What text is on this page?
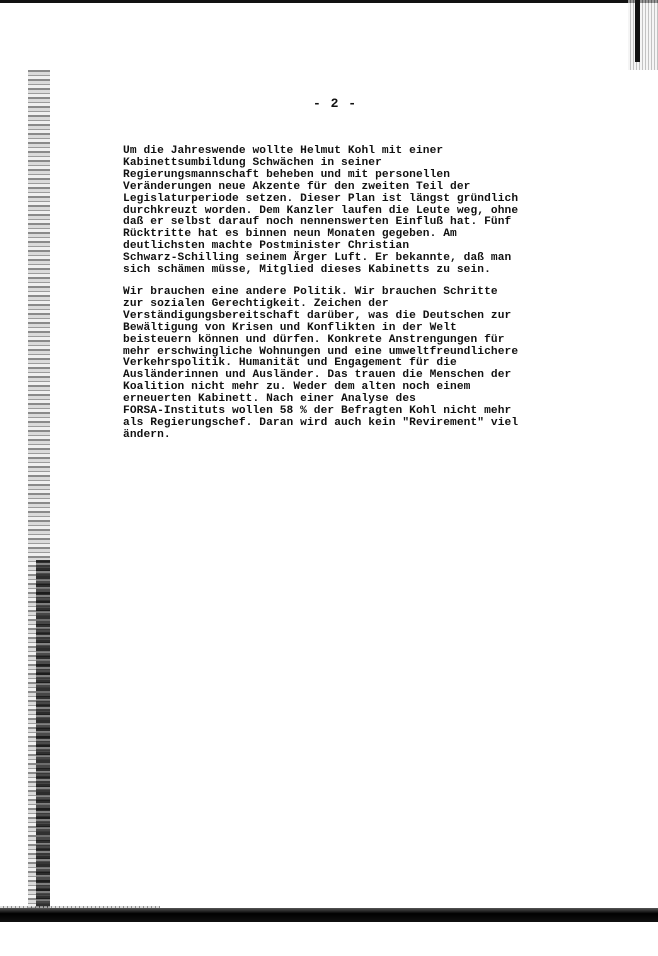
- 2 -

Um die Jahreswende wollte Helmut Kohl mit einer
Kabinettsumbildung Schwächen in seiner
Regierungsmannschaft beheben und mit personellen
Veränderungen neue Akzente für den zweiten Teil der
Legislaturperiode setzen. Dieser Plan ist längst gründlich
durchkreuzt worden. Dem Kanzler laufen die Leute weg, ohne
daß er selbst darauf noch nennenswerten Einfluß hat. Fünf
Rücktritte hat es binnen neun Monaten gegeben. Am
deutlichsten machte Postminister Christian
Schwarz-Schilling seinem Ärger Luft. Er bekannte, daß man
sich schämen müsse, Mitglied dieses Kabinetts zu sein.

Wir brauchen eine andere Politik. Wir brauchen Schritte
zur sozialen Gerechtigkeit. Zeichen der
Verständigungsbereitschaft darüber, was die Deutschen zur
Bewältigung von Krisen und Konflikten in der Welt
beisteuern können und dürfen. Konkrete Anstrengungen für
mehr erschwingliche Wohnungen und eine umweltfreundlichere
Verkehrspolitik. Humanität und Engagement für die
Ausländerinnen und Ausländer. Das trauen die Menschen der
Koalition nicht mehr zu. Weder dem alten noch einem
erneuerten Kabinett. Nach einer Analyse des
FORSA-Instituts wollen 58 % der Befragten Kohl nicht mehr
als Regierungschef. Daran wird auch kein "Revirement" viel
ändern.
